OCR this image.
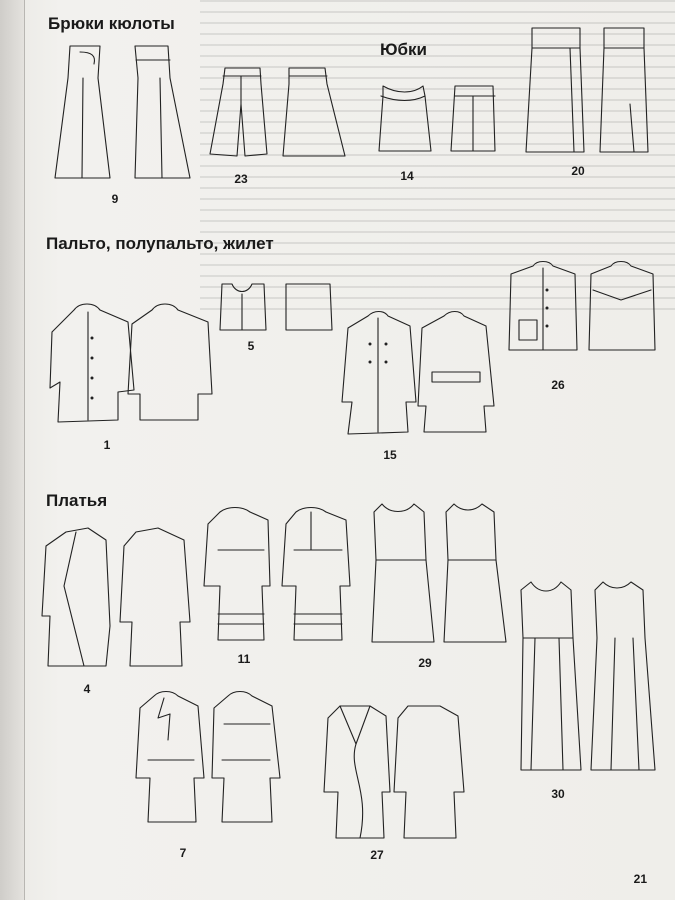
Брюки кюлоты
Юбки
Пальто, полупальто, жилет
Платья
9
23	14	20
5
1
15
26
4
11	29
30
7	27
21
